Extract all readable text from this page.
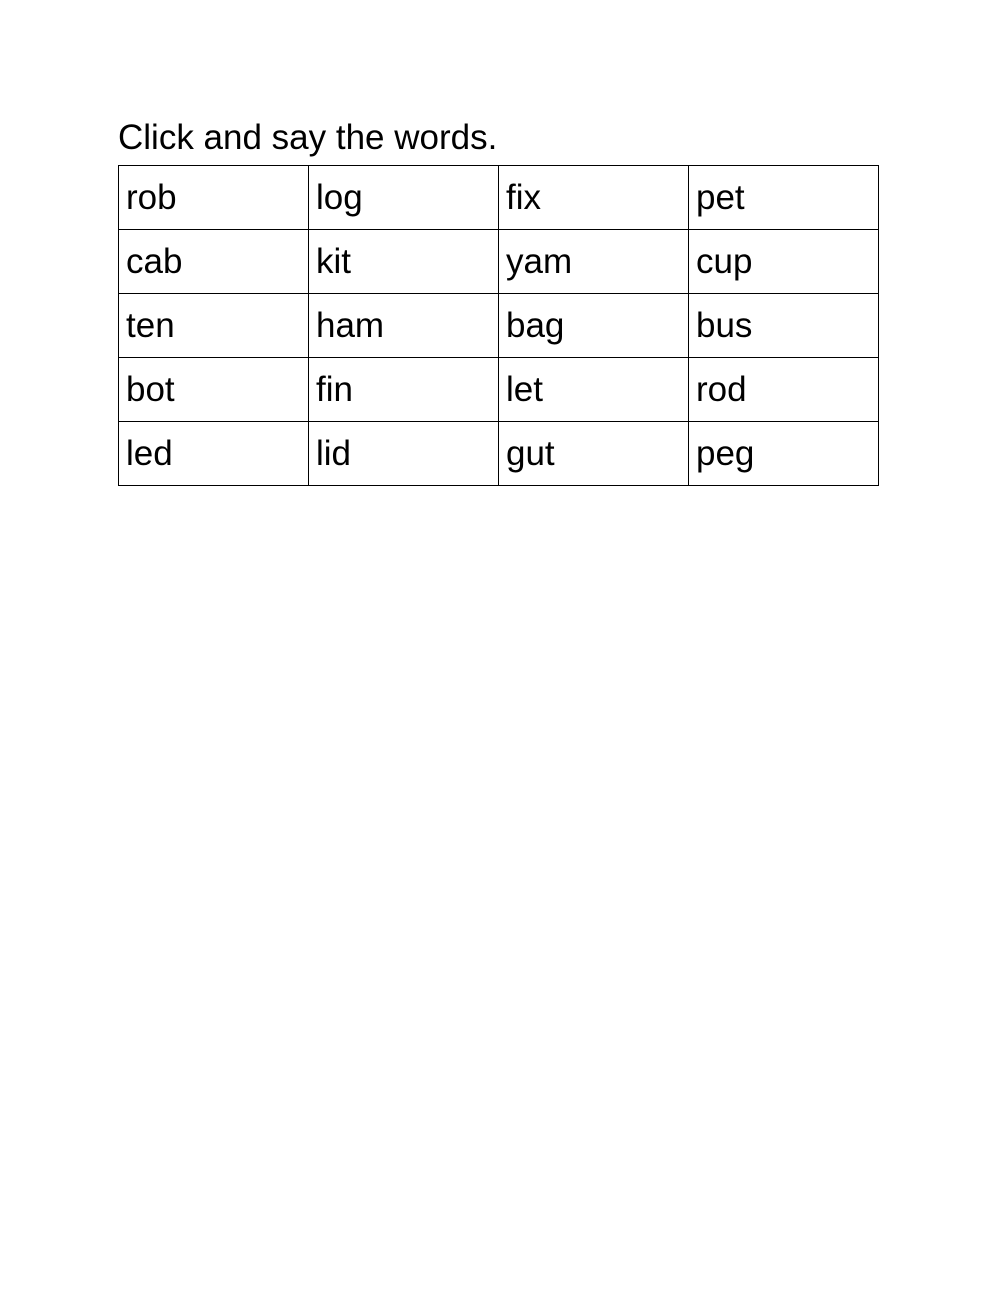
Click and say the words.
rob	log	fix	pet
cab	kit	yam	cup
ten	ham	bag	bus
bot	fin	let	rod
led	lid	gut	peg
